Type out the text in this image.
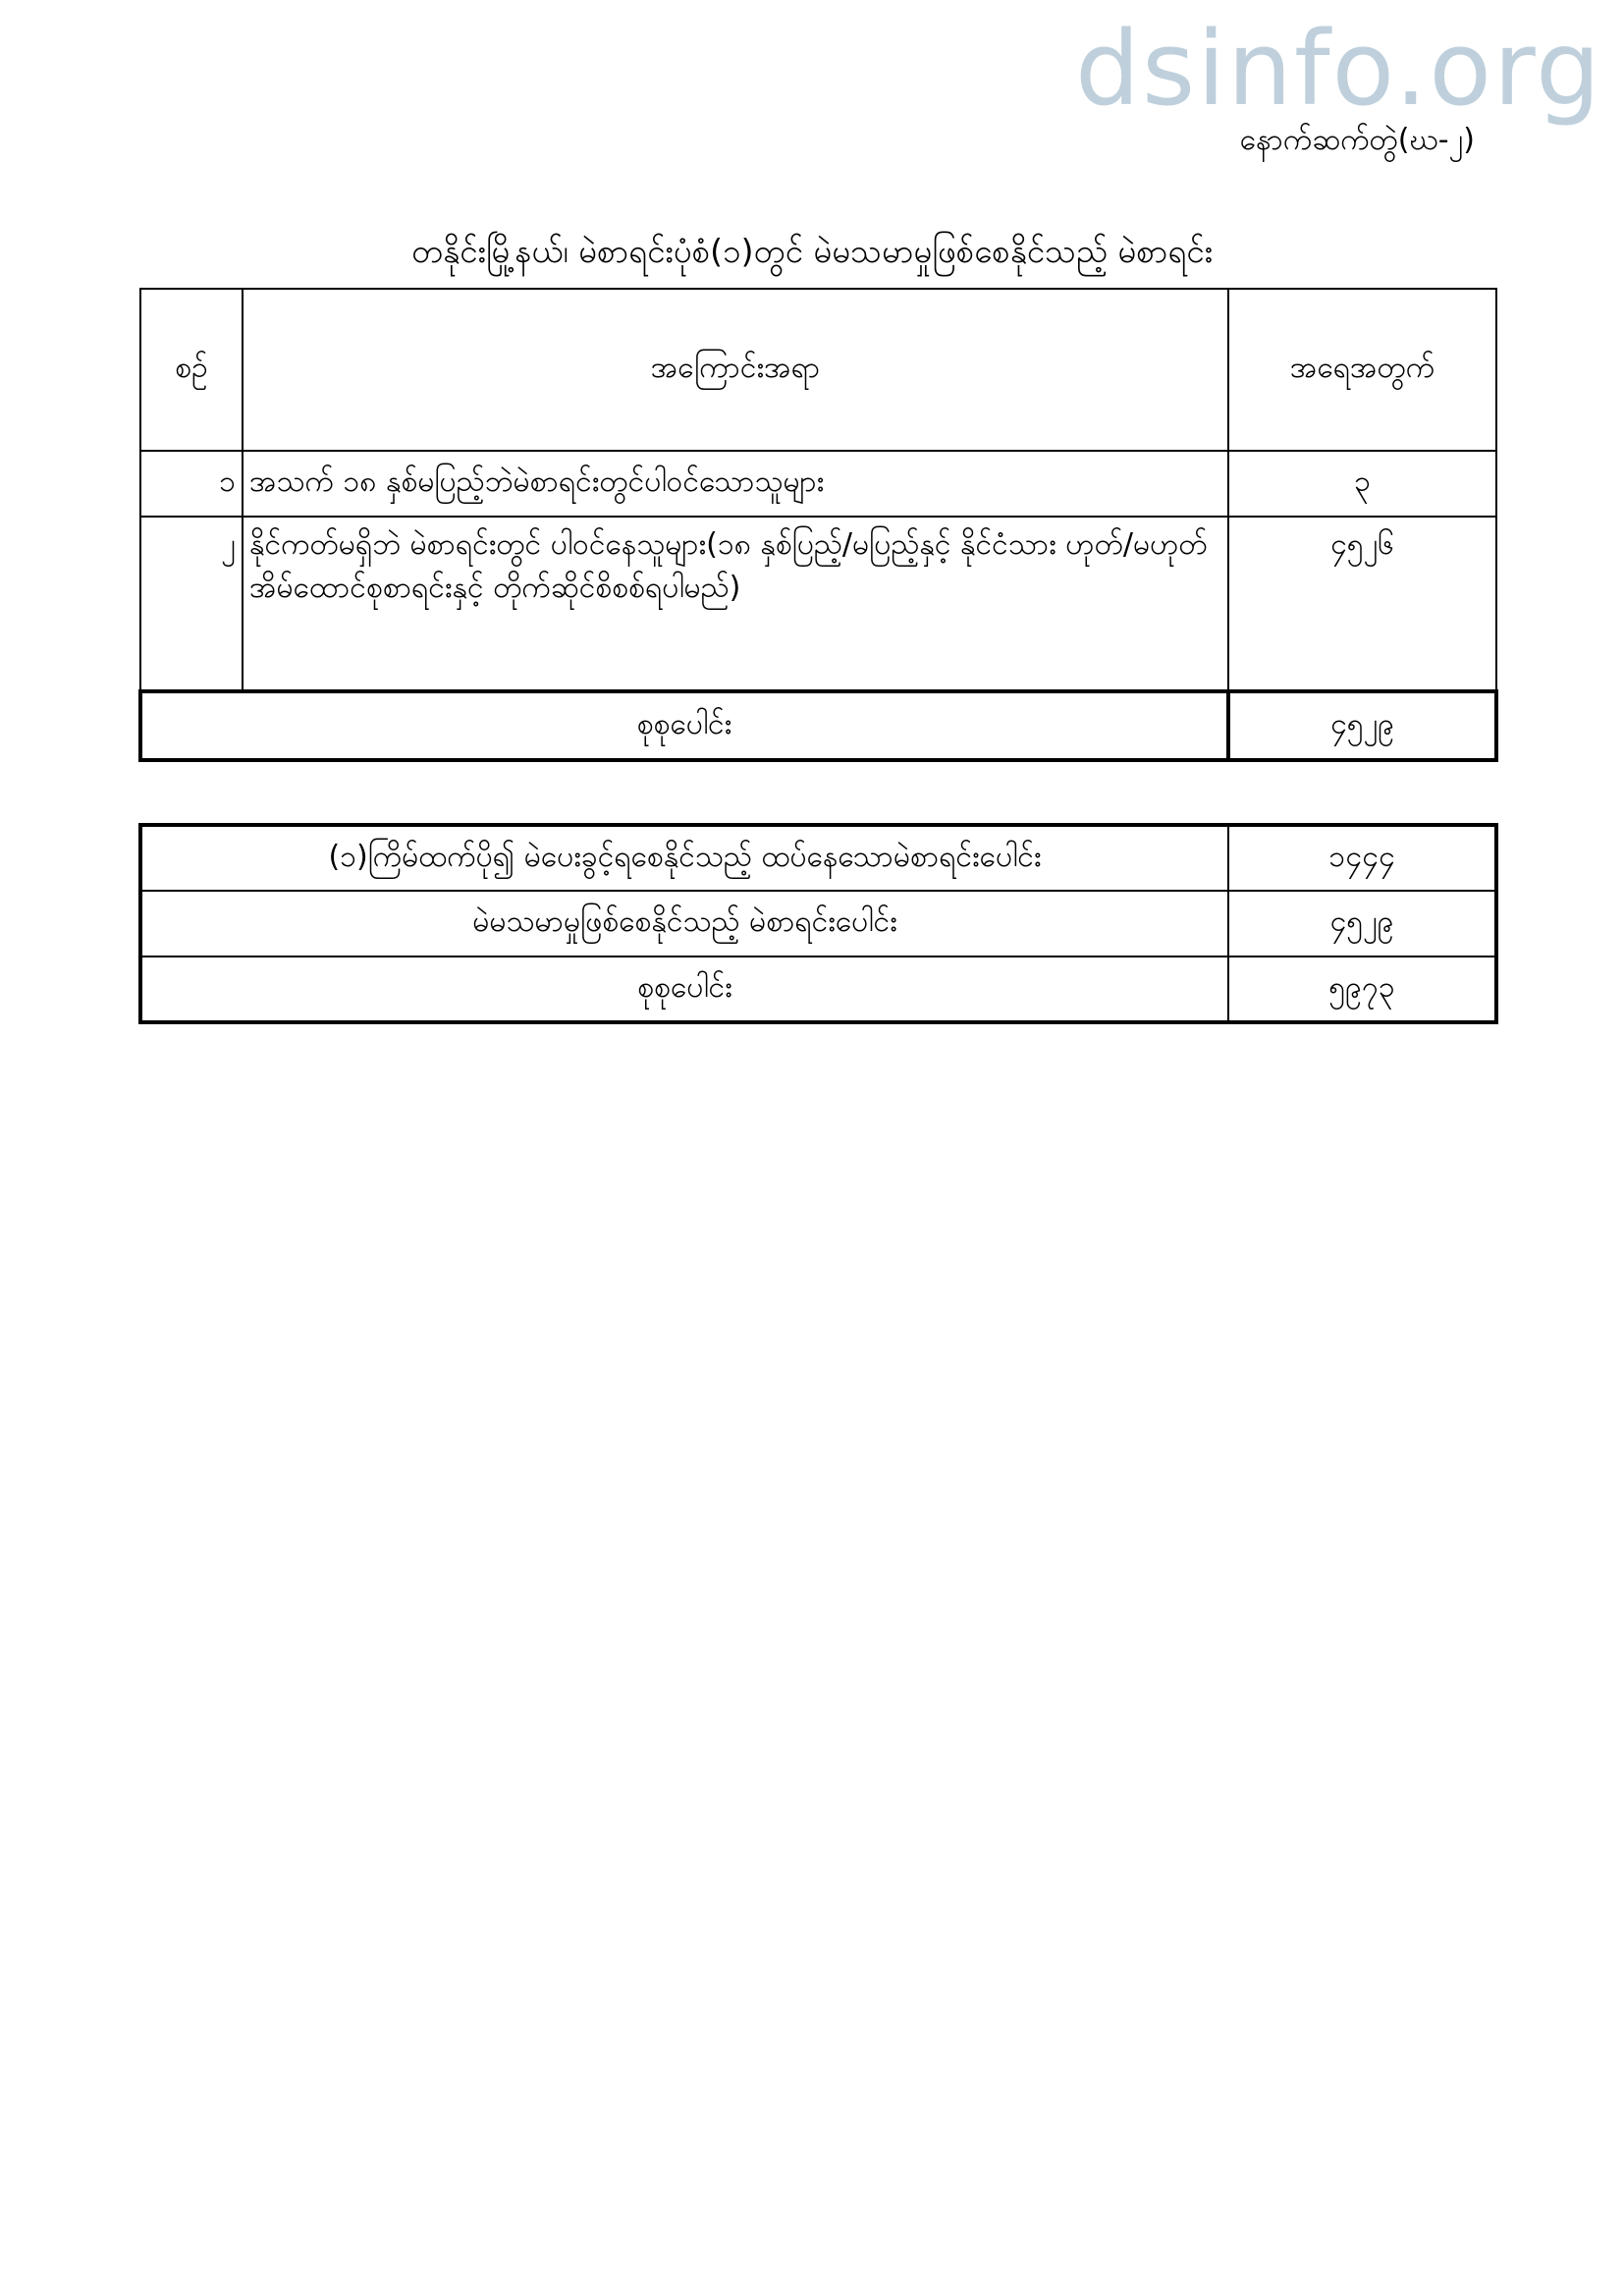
dsinfo.org
နောက်ဆက်တွဲ(ဃ-၂)
တနိုင်းမြို့နယ်၊ မဲစာရင်းပုံစံ(၁)တွင် မဲမသမာမှုဖြစ်စေနိုင်သည့် မဲစာရင်း
စဉ်	အကြောင်းအရာ	အရေအတွက်
၁	အသက် ၁၈ နှစ်မပြည့်ဘဲမဲစာရင်းတွင်ပါဝင်သောသူများ	၃
၂	နိုင်ကတ်မရှိဘဲ မဲစာရင်းတွင် ပါဝင်နေသူများ(၁၈ နှစ်ပြည့်/မပြည့်နှင့် နိုင်ငံသား ဟုတ်/မဟုတ် အိမ်ထောင်စုစာရင်းနှင့် တိုက်ဆိုင်စိစစ်ရပါမည်)	၄၅၂၆
စုစုပေါင်း		၄၅၂၉
(၁)ကြိမ်ထက်ပို၍ မဲပေးခွင့်ရစေနိုင်သည့် ထပ်နေသောမဲစာရင်းပေါင်း	၁၄၄၄
မဲမသမာမှုဖြစ်စေနိုင်သည့် မဲစာရင်းပေါင်း	၄၅၂၉
စုစုပေါင်း	၅၉၇၃
